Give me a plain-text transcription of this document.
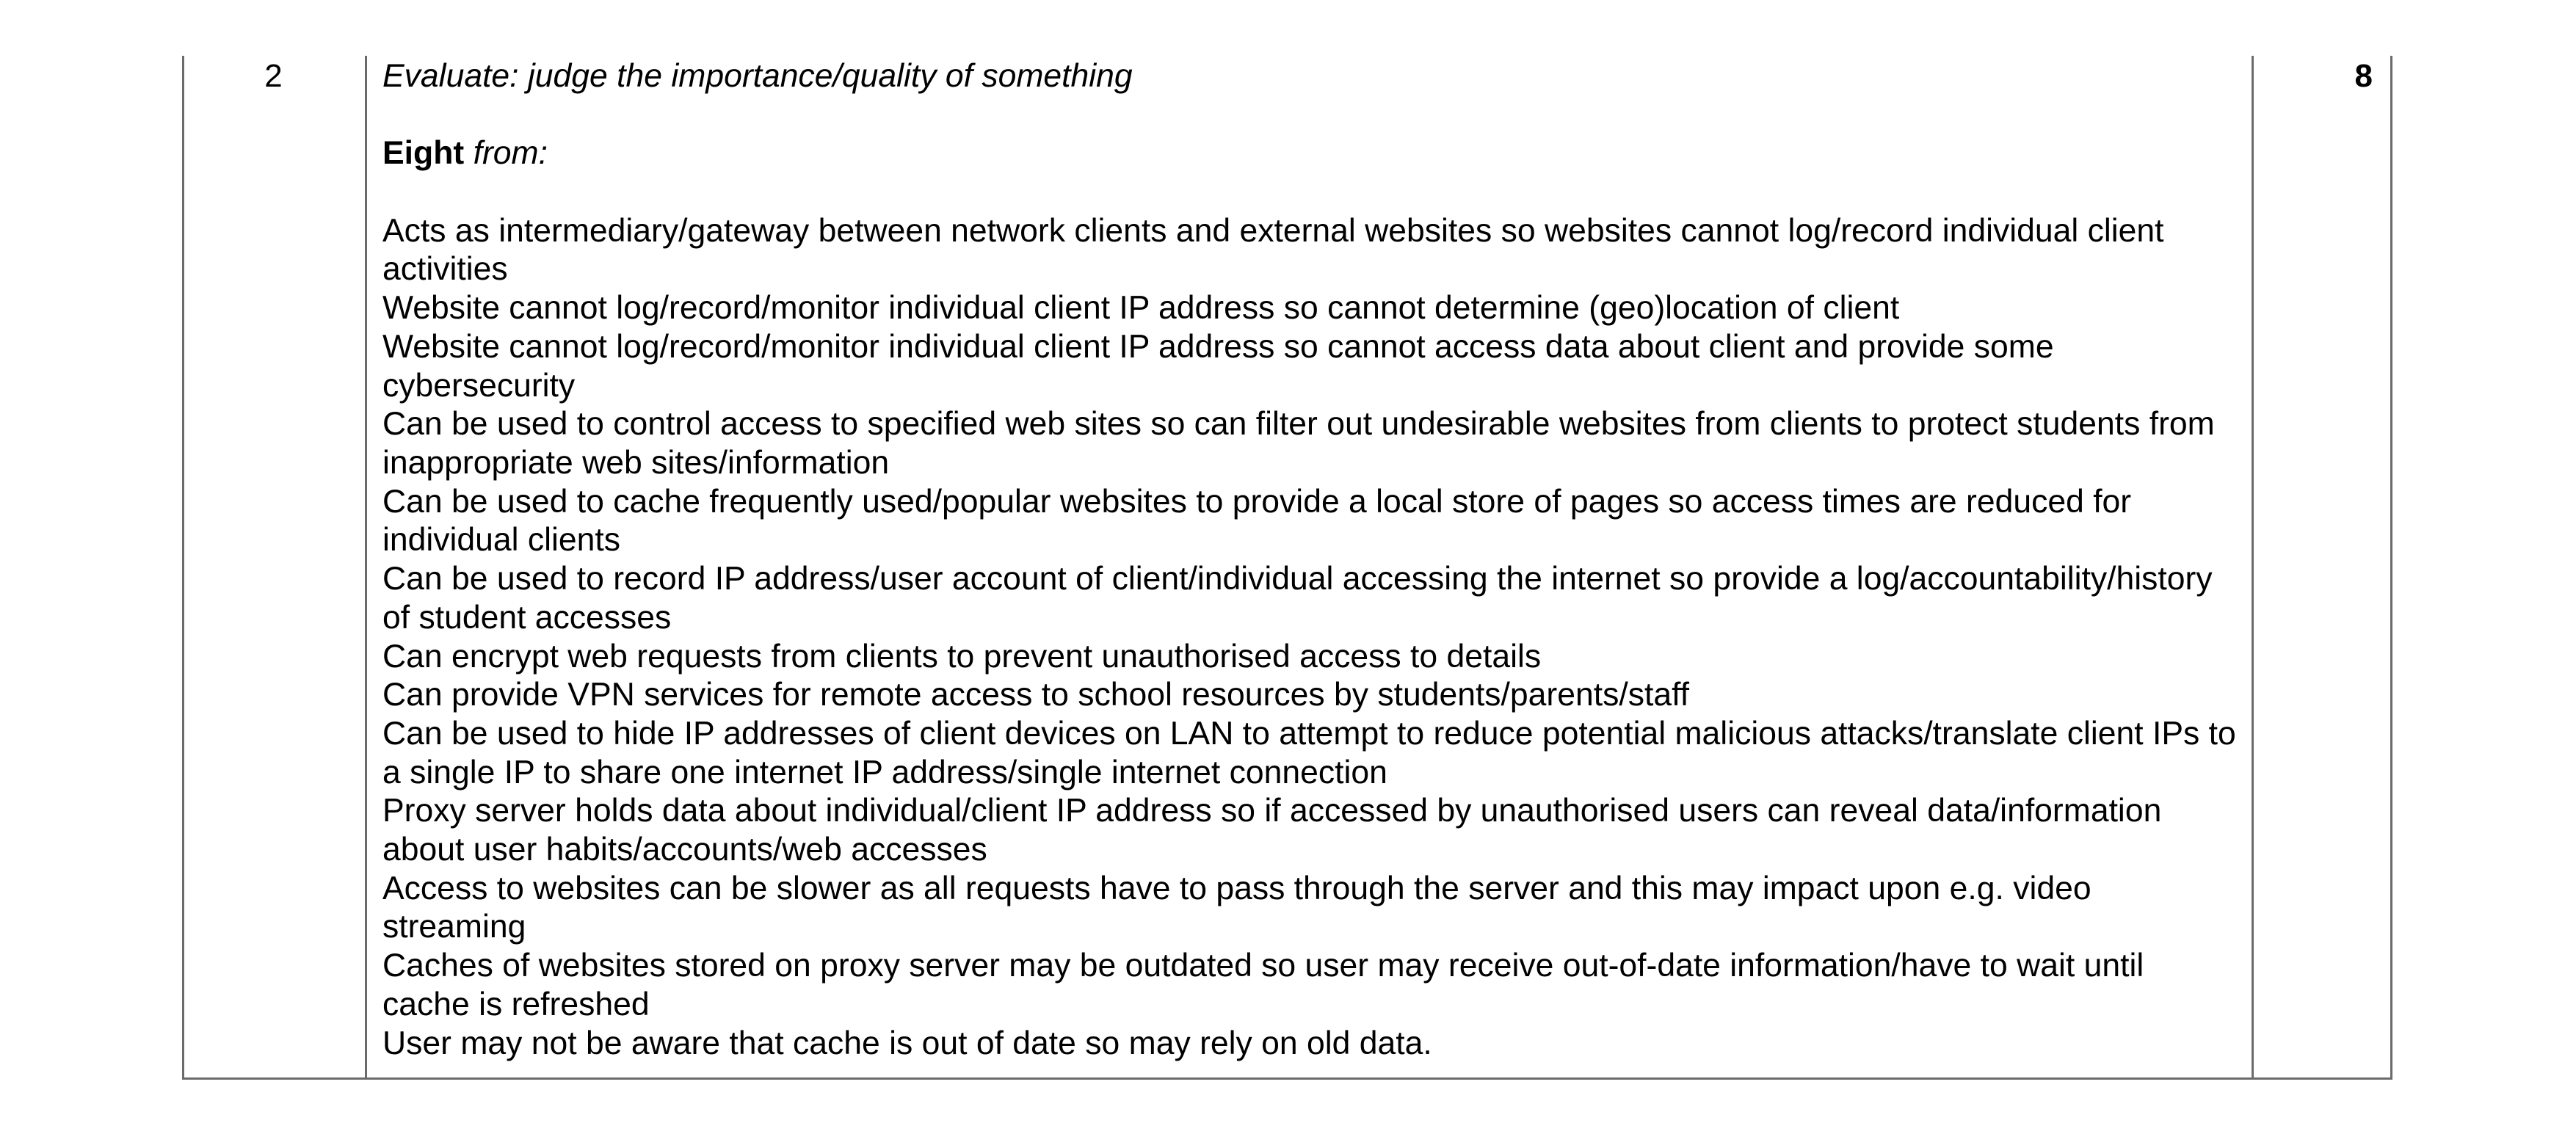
2	Evaluate: judge the importance/quality of something

Eight from:

Acts as intermediary/gateway between network clients and external websites so websites cannot log/record individual client activities

Website cannot log/record/monitor individual client IP address so cannot determine (geo)location of client

Website cannot log/record/monitor individual client IP address so cannot access data about client and provide some cybersecurity

Can be used to control access to specified web sites so can filter out undesirable websites from clients to protect students from inappropriate web sites/information

Can be used to cache frequently used/popular websites to provide a local store of pages so access times are reduced for individual clients

Can be used to record IP address/user account of client/individual accessing the internet so provide a log/accountability/history of student accesses

Can encrypt web requests from clients to prevent unauthorised access to details

Can provide VPN services for remote access to school resources by students/parents/staff

Can be used to hide IP addresses of client devices on LAN to attempt to reduce potential malicious attacks/translate client IPs to a single IP to share one internet IP address/single internet connection

Proxy server holds data about individual/client IP address so if accessed by unauthorised users can reveal data/information about user habits/accounts/web accesses

Access to websites can be slower as all requests have to pass through the server and this may impact upon e.g. video streaming

Caches of websites stored on proxy server may be outdated so user may receive out-of-date information/have to wait until cache is refreshed

User may not be aware that cache is out of date so may rely on old data.

8
